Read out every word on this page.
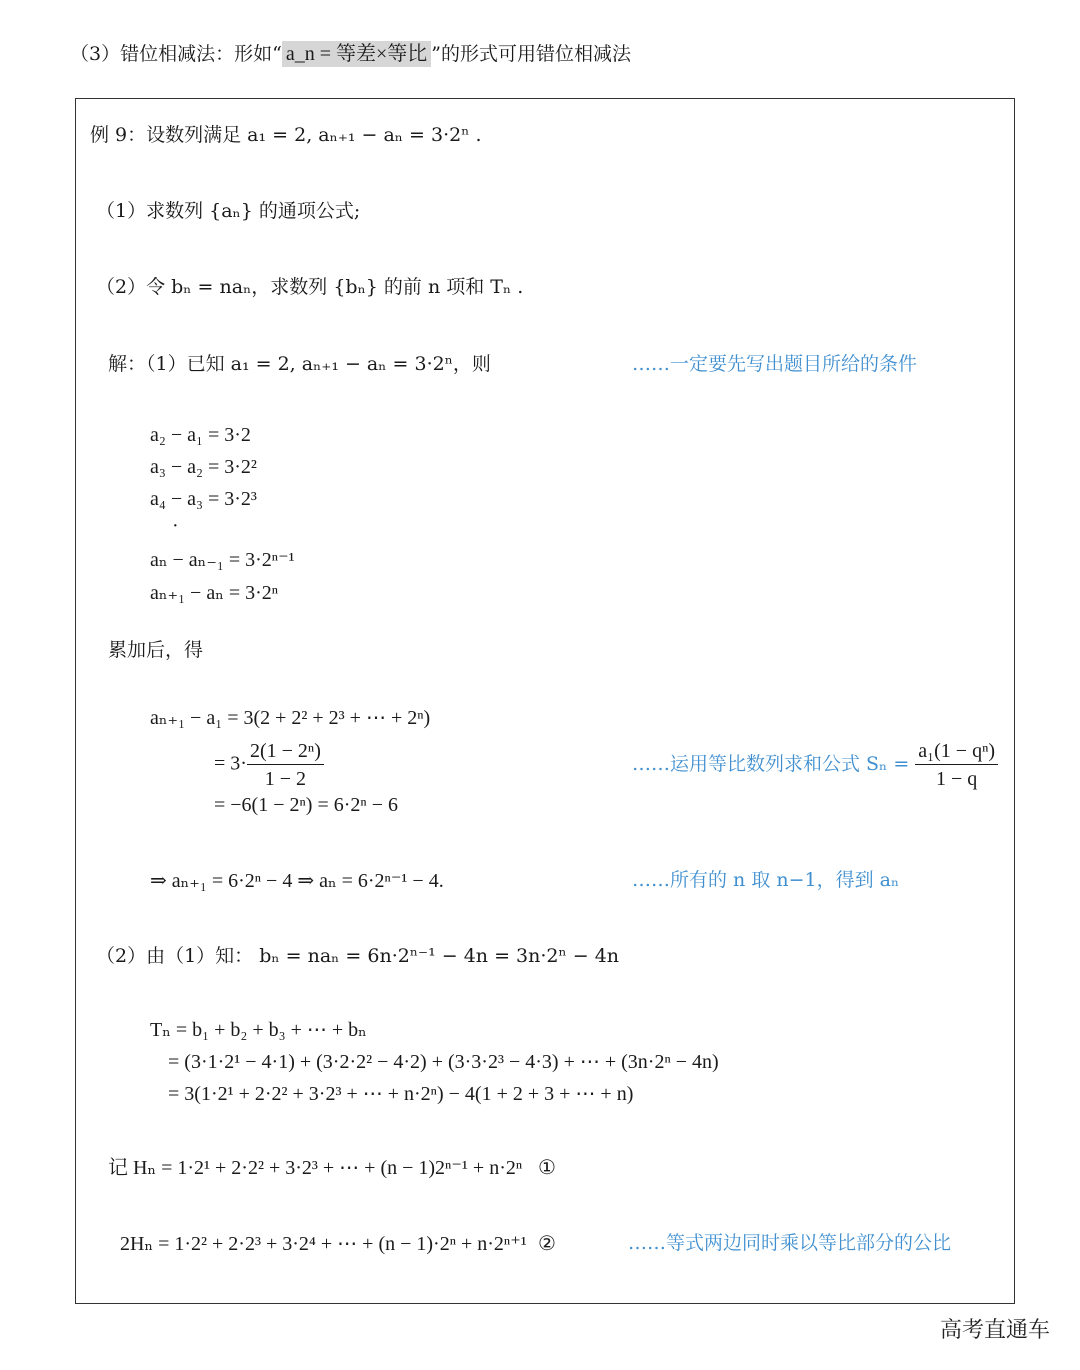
（3）错位相减法：形如“ a_n = 等差×等比 ”的形式可用错位相减法
例 9：设数列满足 a₁ = 2, aₙ₊₁ − aₙ = 3·2ⁿ .
（1）求数列 {aₙ} 的通项公式;
（2）令 bₙ = naₙ，求数列 {bₙ} 的前 n 项和 Tₙ .
解：（1）已知 a₁ = 2, aₙ₊₁ − aₙ = 3·2ⁿ，则	……一定要先写出题目所给的条件
a₂ − a₁ = 3·2
a₃ − a₂ = 3·2²
a₄ − a₃ = 3·2³
·
aₙ − aₙ₋₁ = 3·2ⁿ⁻¹
aₙ₊₁ − aₙ = 3·2ⁿ
累加后，得
aₙ₊₁ − a₁ = 3(2 + 2² + 2³ + ⋯ + 2ⁿ)
= $3\cdot \frac{\text{2(1 − 2ⁿ)}}{1 - 2}$
= −6(1 − 2ⁿ) = 6·2ⁿ − 6
……运用等比数列求和公式 $S_n = \frac{\text{a₁(1 − qⁿ)}}{1 - q}$
⇒ aₙ₊₁ = 6·2ⁿ − 4 ⇒ aₙ = 6·2ⁿ⁻¹ − 4.	……所有的 n 取 n−1，得到 aₙ
（2）由（1）知： bₙ = naₙ = 6n·2ⁿ⁻¹ − 4n = 3n·2ⁿ − 4n
Tₙ = b₁ + b₂ + b₃ + ⋯ + bₙ
= (3·1·2¹ − 4·1) + (3·2·2² − 4·2) + (3·3·2³ − 4·3) + ⋯ + (3n·2ⁿ − 4n)
= 3(1·2¹ + 2·2² + 3·2³ + ⋯ + n·2ⁿ) − 4(1 + 2 + 3 + ⋯ + n)
记 Hₙ = 1·2¹ + 2·2² + 3·2³ + ⋯ + (n − 1)2ⁿ⁻¹ + n·2ⁿ ①
2Hₙ = 1·2² + 2·2³ + 3·2⁴ + ⋯ + (n − 1)·2ⁿ + n·2ⁿ⁺¹ ②	……等式两边同时乘以等比部分的公比
高考直通车
